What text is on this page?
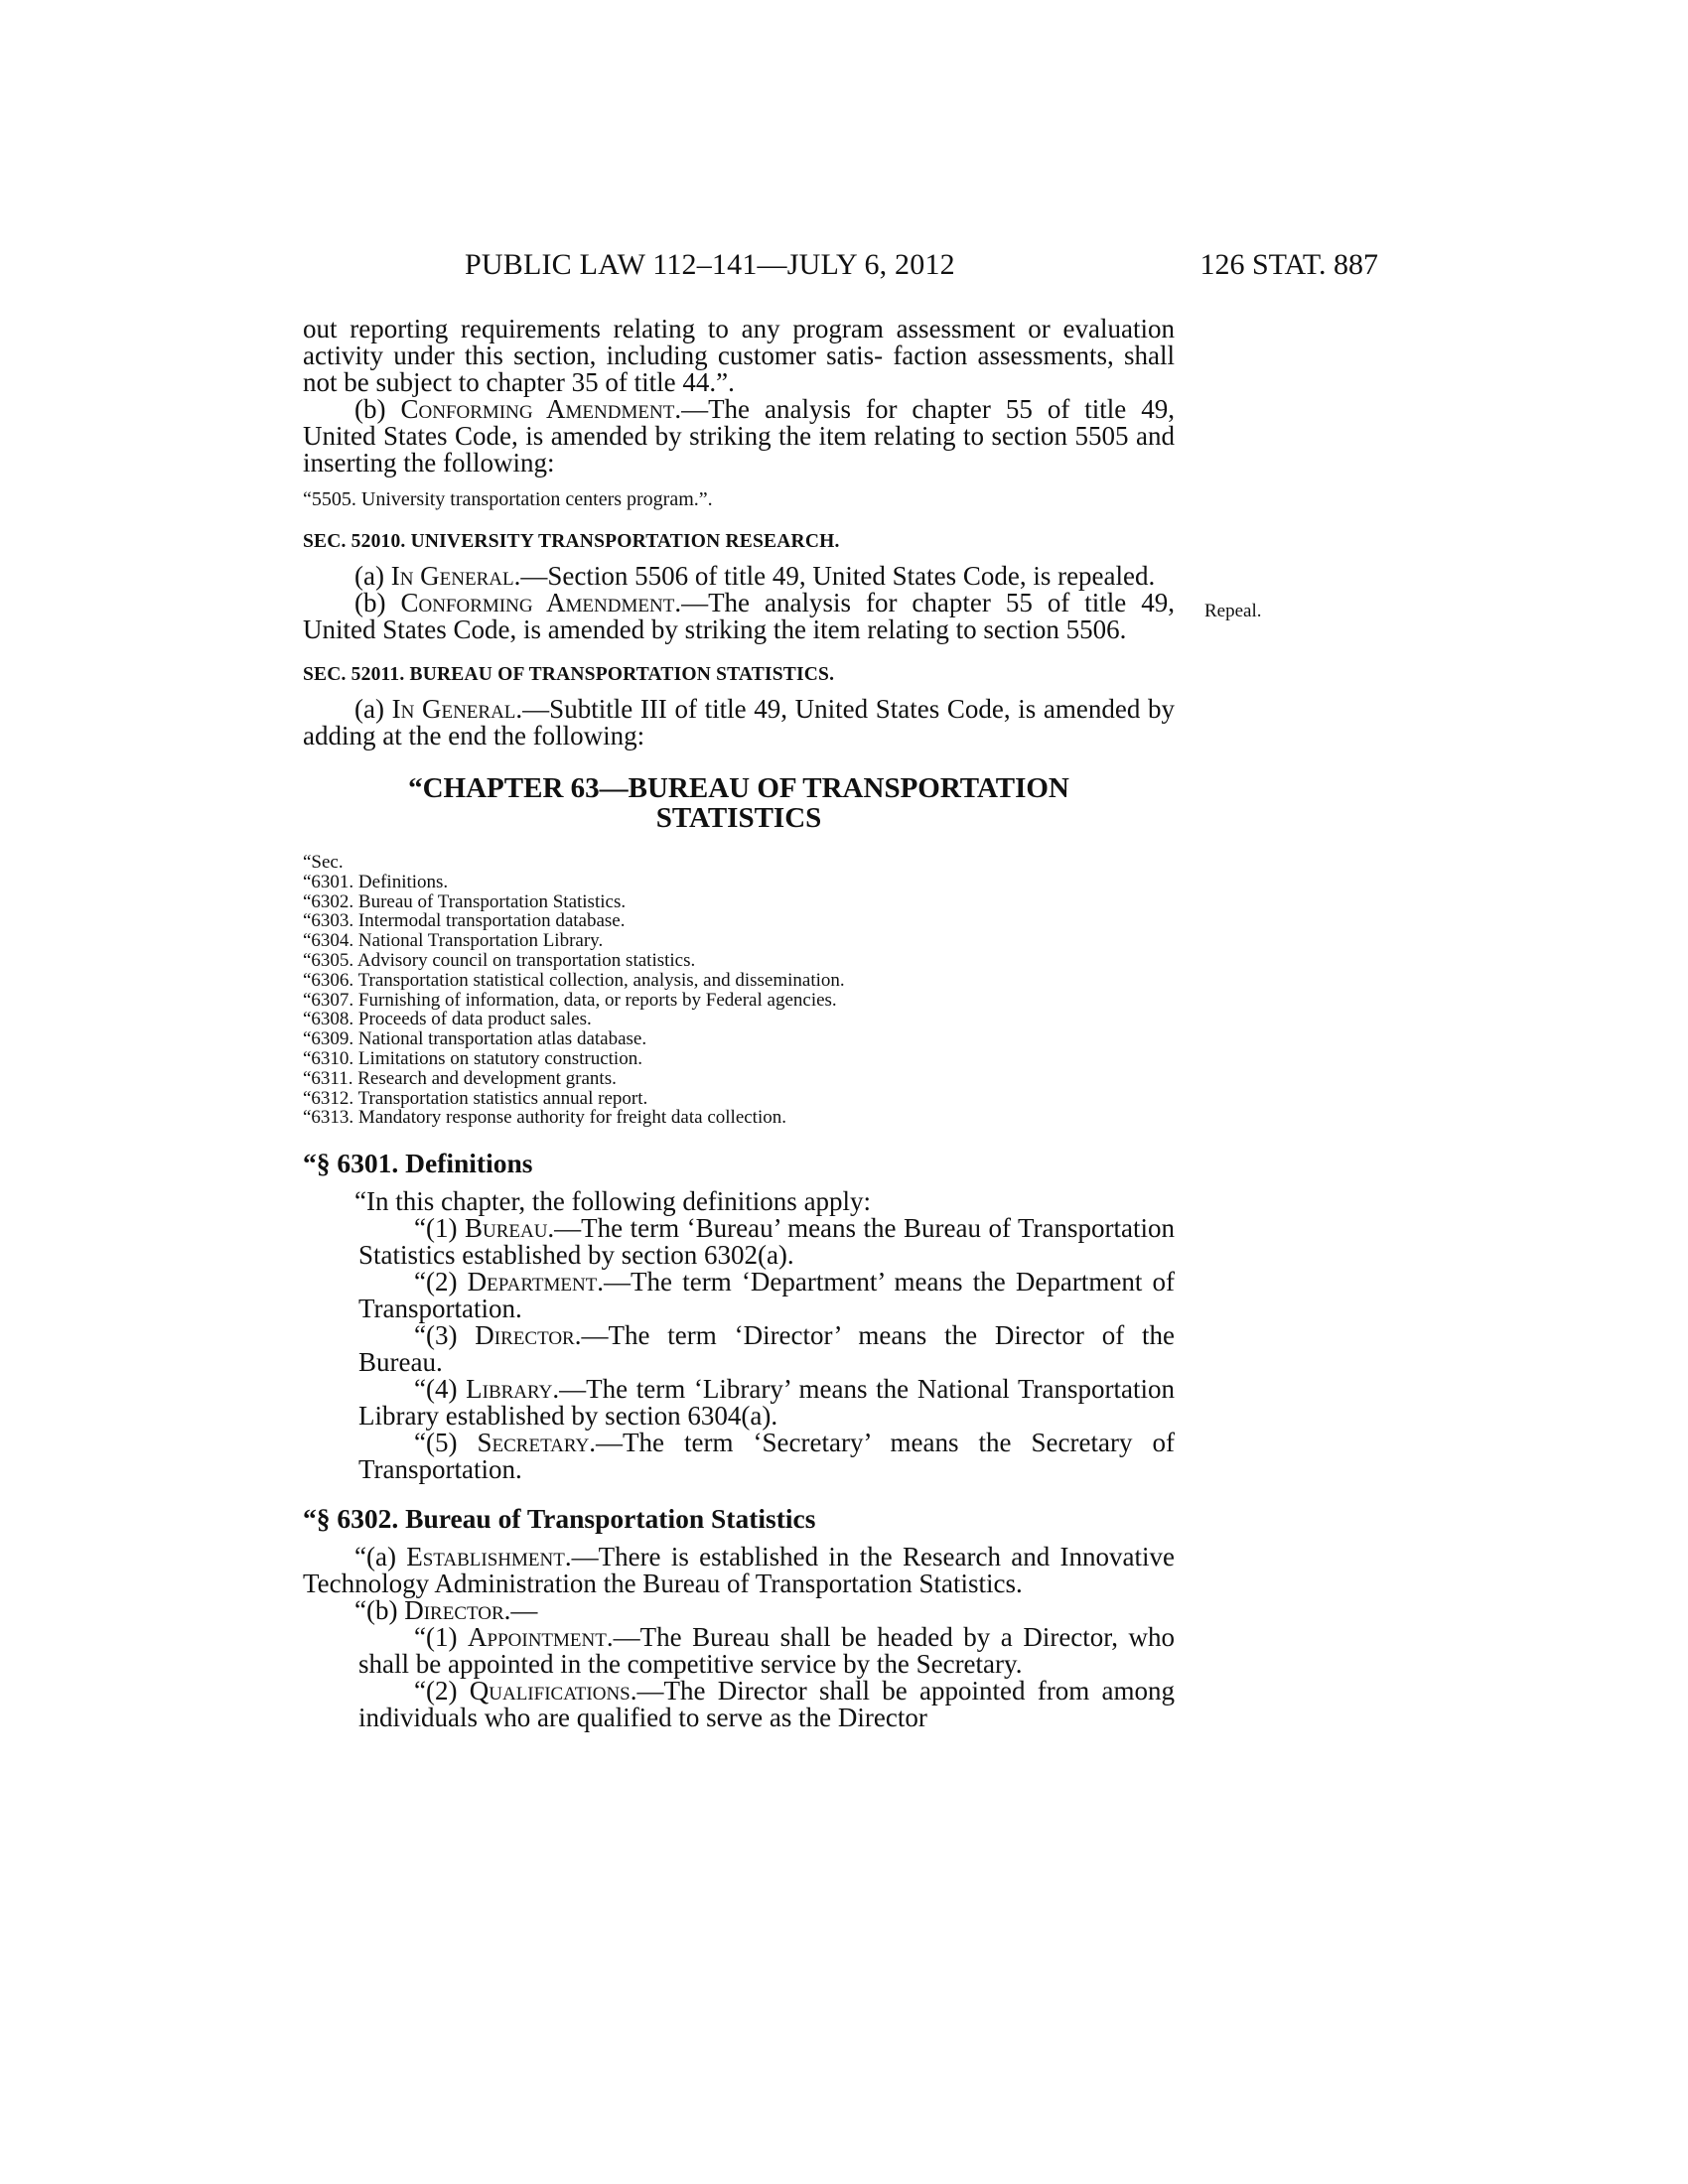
PUBLIC LAW 112–141—JULY 6, 2012	126 STAT. 887
Repeal.

out reporting requirements relating to any program assessment or evaluation activity under this section, including customer satis- faction assessments, shall not be subject to chapter 35 of title 44.”.

(b) Conforming Amendment.—The analysis for chapter 55 of title 49, United States Code, is amended by striking the item relating to section 5505 and inserting the following:

“5505. University transportation centers program.”.

SEC. 52010. UNIVERSITY TRANSPORTATION RESEARCH.

(a) In General.—Section 5506 of title 49, United States Code, is repealed.

(b) Conforming Amendment.—The analysis for chapter 55 of title 49, United States Code, is amended by striking the item relating to section 5506.

SEC. 52011. BUREAU OF TRANSPORTATION STATISTICS.

(a) In General.—Subtitle III of title 49, United States Code, is amended by adding at the end the following:

“CHAPTER 63—BUREAU OF TRANSPORTATION
STATISTICS

“Sec.
“6301. Definitions.
“6302. Bureau of Transportation Statistics.
“6303. Intermodal transportation database.
“6304. National Transportation Library.
“6305. Advisory council on transportation statistics.
“6306. Transportation statistical collection, analysis, and dissemination.
“6307. Furnishing of information, data, or reports by Federal agencies.
“6308. Proceeds of data product sales.
“6309. National transportation atlas database.
“6310. Limitations on statutory construction.
“6311. Research and development grants.
“6312. Transportation statistics annual report.
“6313. Mandatory response authority for freight data collection.

“§ 6301. Definitions

“In this chapter, the following definitions apply:

“(1) Bureau.—The term ‘Bureau’ means the Bureau of Transportation Statistics established by section 6302(a).

“(2) Department.—The term ‘Department’ means the Department of Transportation.

“(3) Director.—The term ‘Director’ means the Director of the Bureau.

“(4) Library.—The term ‘Library’ means the National Transportation Library established by section 6304(a).

“(5) Secretary.—The term ‘Secretary’ means the Secretary of Transportation.

“§ 6302. Bureau of Transportation Statistics

“(a) Establishment.—There is established in the Research and Innovative Technology Administration the Bureau of Transportation Statistics.

“(b) Director.—

“(1) Appointment.—The Bureau shall be headed by a Director, who shall be appointed in the competitive service by the Secretary.

“(2) Qualifications.—The Director shall be appointed from among individuals who are qualified to serve as the Director
